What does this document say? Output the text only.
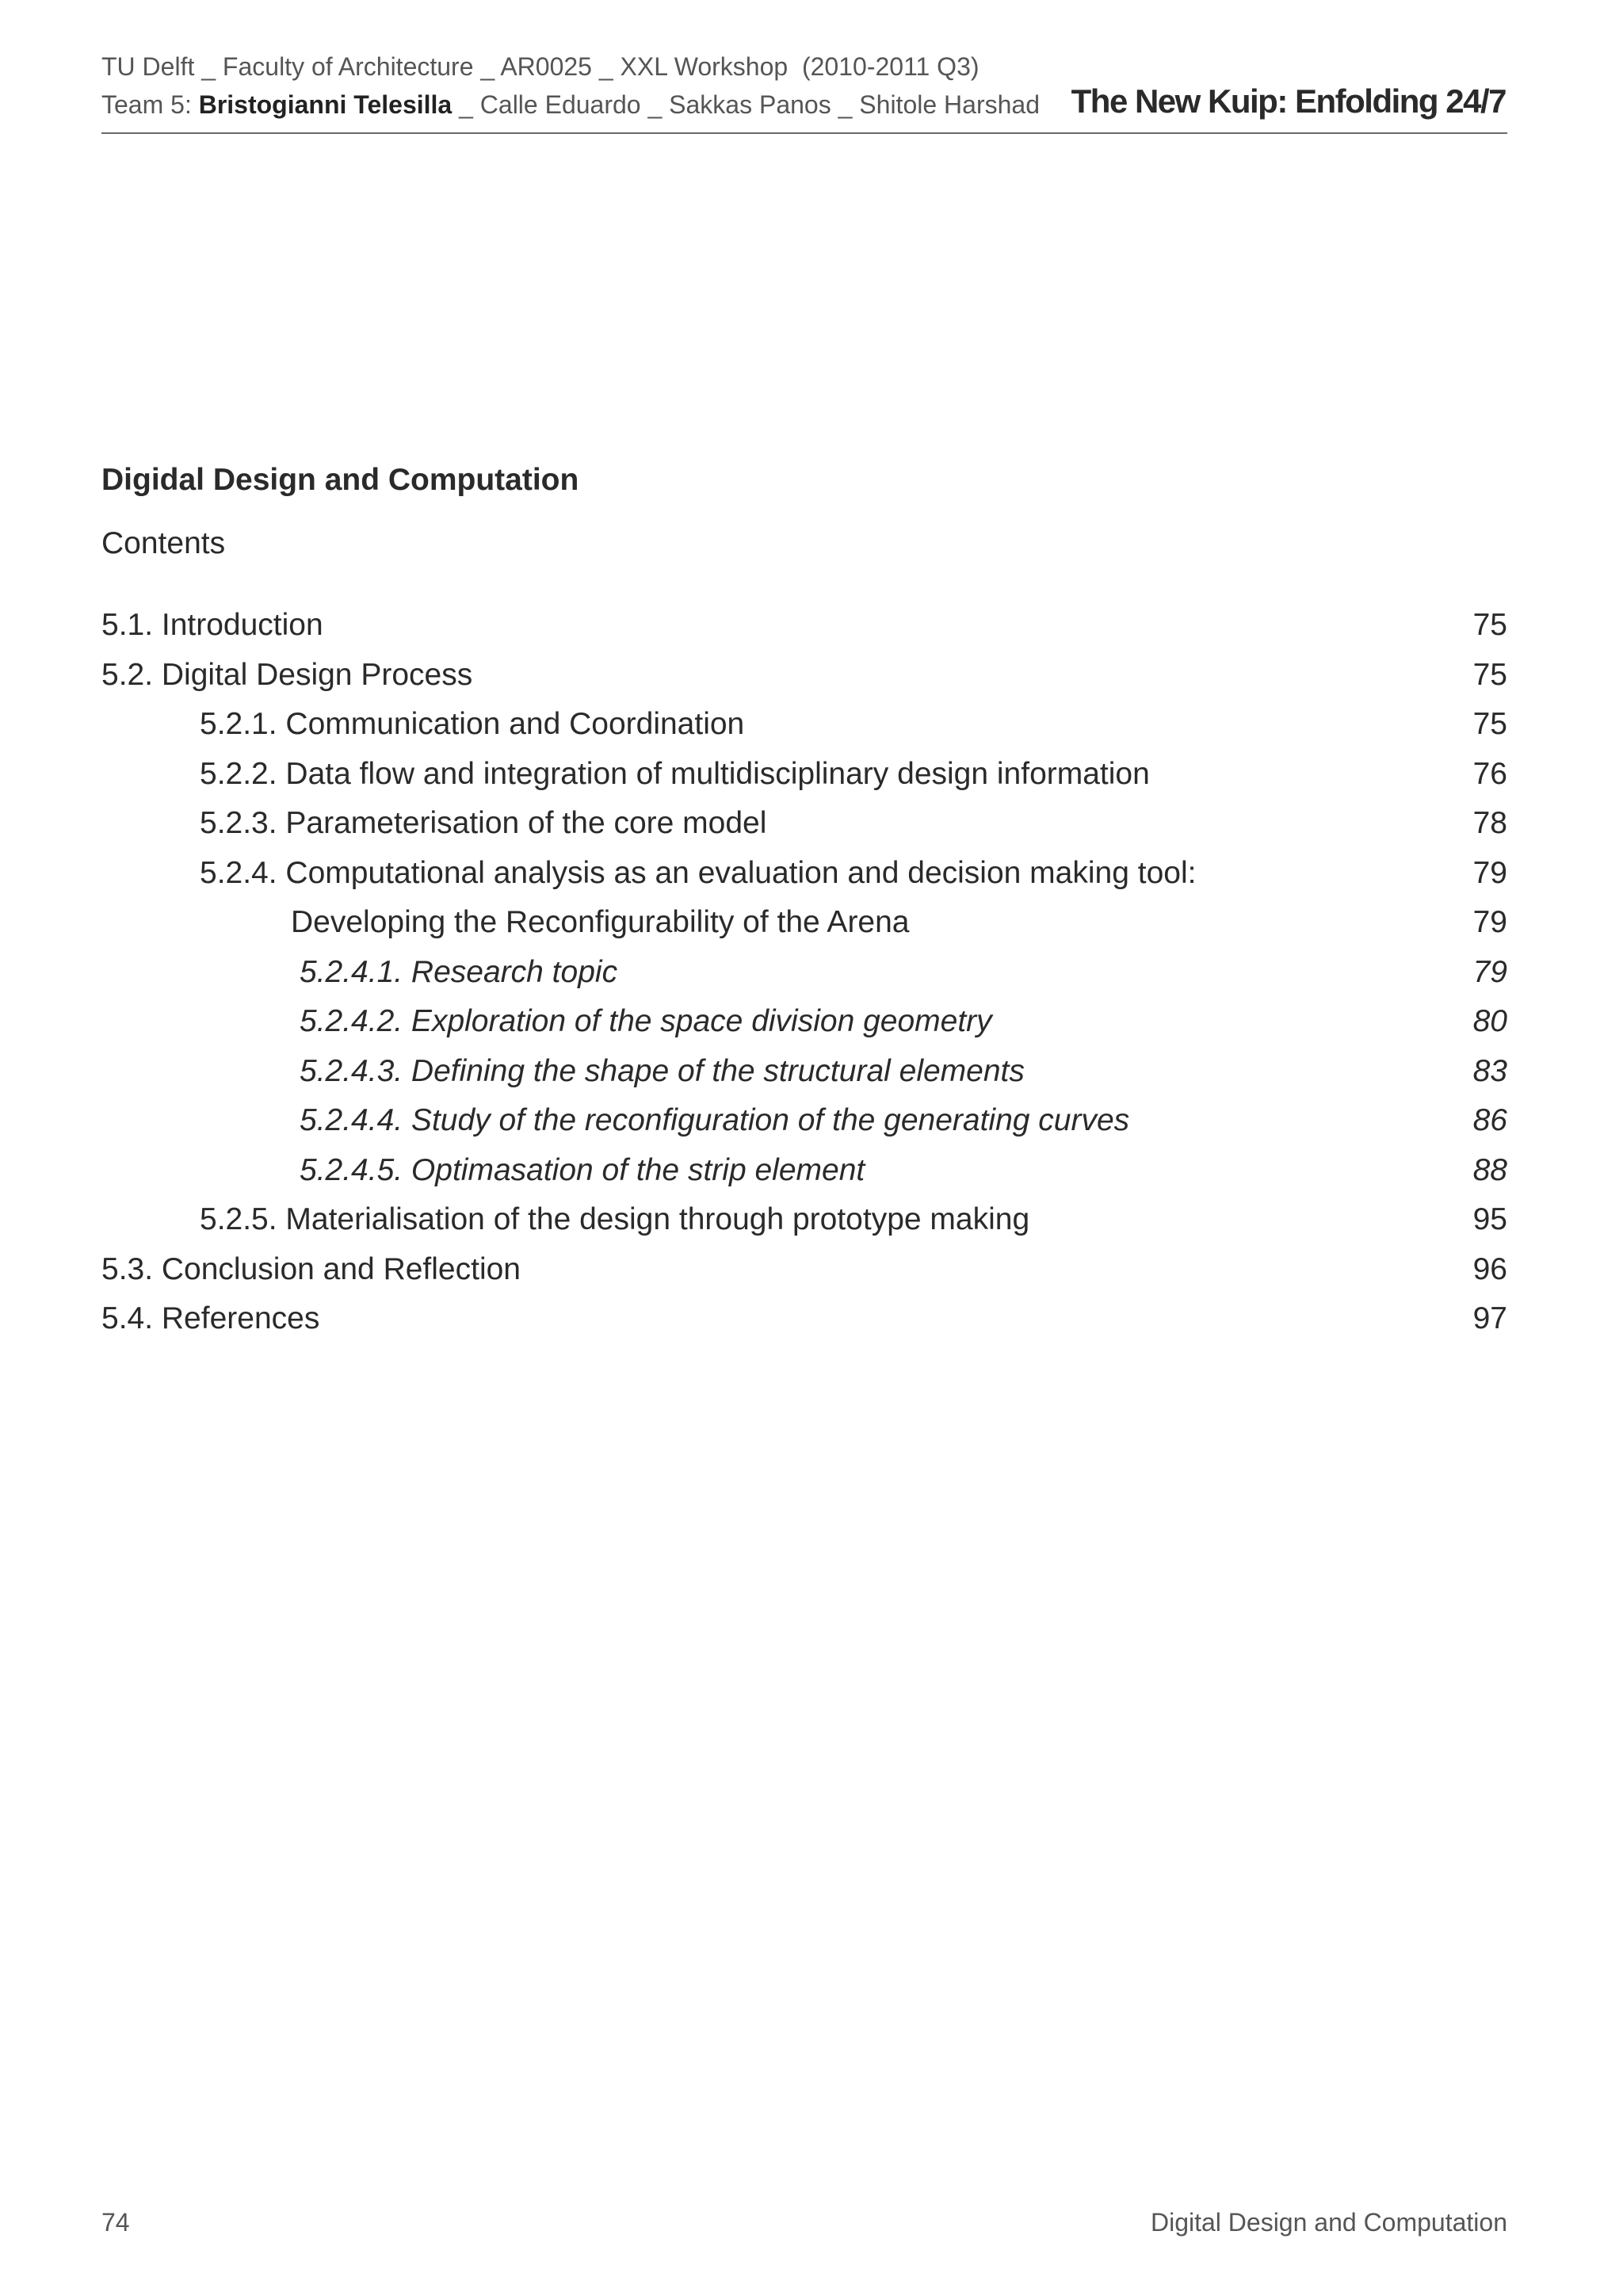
TU Delft _ Faculty of Architecture _ AR0025 _ XXL Workshop  (2010-2011 Q3)
Team 5: Bristogianni Telesilla _ Calle Eduardo _ Sakkas Panos _ Shitole Harshad The New Kuip: Enfolding 24/7
Digidal Design and Computation
Contents
5.1. Introduction	75
5.2. Digital Design Process	75
5.2.1. Communication and Coordination	75
5.2.2. Data flow and integration of multidisciplinary design information	76
5.2.3. Parameterisation of the core model	78
5.2.4. Computational analysis as an evaluation and decision making tool:	79
Developing the Reconfigurability of the Arena	79
5.2.4.1. Research topic	79
5.2.4.2. Exploration of the space division geometry	80
5.2.4.3. Defining the shape of the structural elements	83
5.2.4.4. Study of the reconfiguration of the generating curves	86
5.2.4.5. Optimasation of the strip element	88
5.2.5. Materialisation of the design through prototype making	95
5.3. Conclusion and Reflection	96
5.4. References	97
74	Digital Design and Computation
